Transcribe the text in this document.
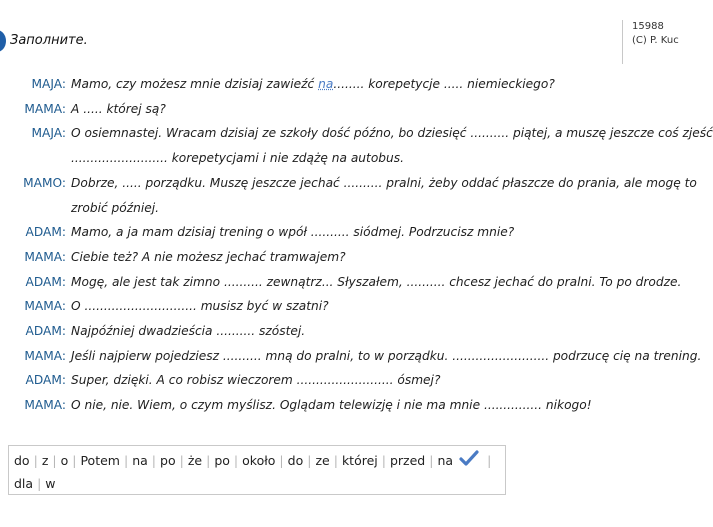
Заполните.
15988
(C) P. Kuc
MAJA: Mamo, czy możesz mnie dzisiaj zawieźć na........ korepetycje ..... niemieckiego?
MAMA: A ..... której są?
MAJA: O osiemnastej. Wracam dzisiaj ze szkoły dość późno, bo dziesięć .......... piątej, a muszę jeszcze coś zjeść
......................... korepetycjami i nie zdążę na autobus.
MAMO: Dobrze, ..... porządku. Muszę jeszcze jechać .......... pralni, żeby oddać płaszcze do prania, ale mogę to
zrobić później.
ADAM: Mamo, a ja mam dzisiaj trening o wpół .......... siódmej. Podrzucisz mnie?
MAMA: Ciebie też? A nie możesz jechać tramwajem?
ADAM: Mogę, ale jest tak zimno .......... zewnątrz... Słyszałem, .......... chcesz jechać do pralni. To po drodze.
MAMA: O ............................. musisz być w szatni?
ADAM: Najpóźniej dwadzieścia .......... szóstej.
MAMA: Jeśli najpierw pojedziesz .......... mną do pralni, to w porządku. ......................... podrzucę cię na trening.
ADAM: Super, dzięki. A co robisz wieczorem ......................... ósmej?
MAMA: O nie, nie. Wiem, o czym myślisz. Oglądam telewizję i nie ma mnie ............... nikogo!
do | z | o | Potem | na | po | że | po | około | do | ze | której | przed | na	|
dla | w
